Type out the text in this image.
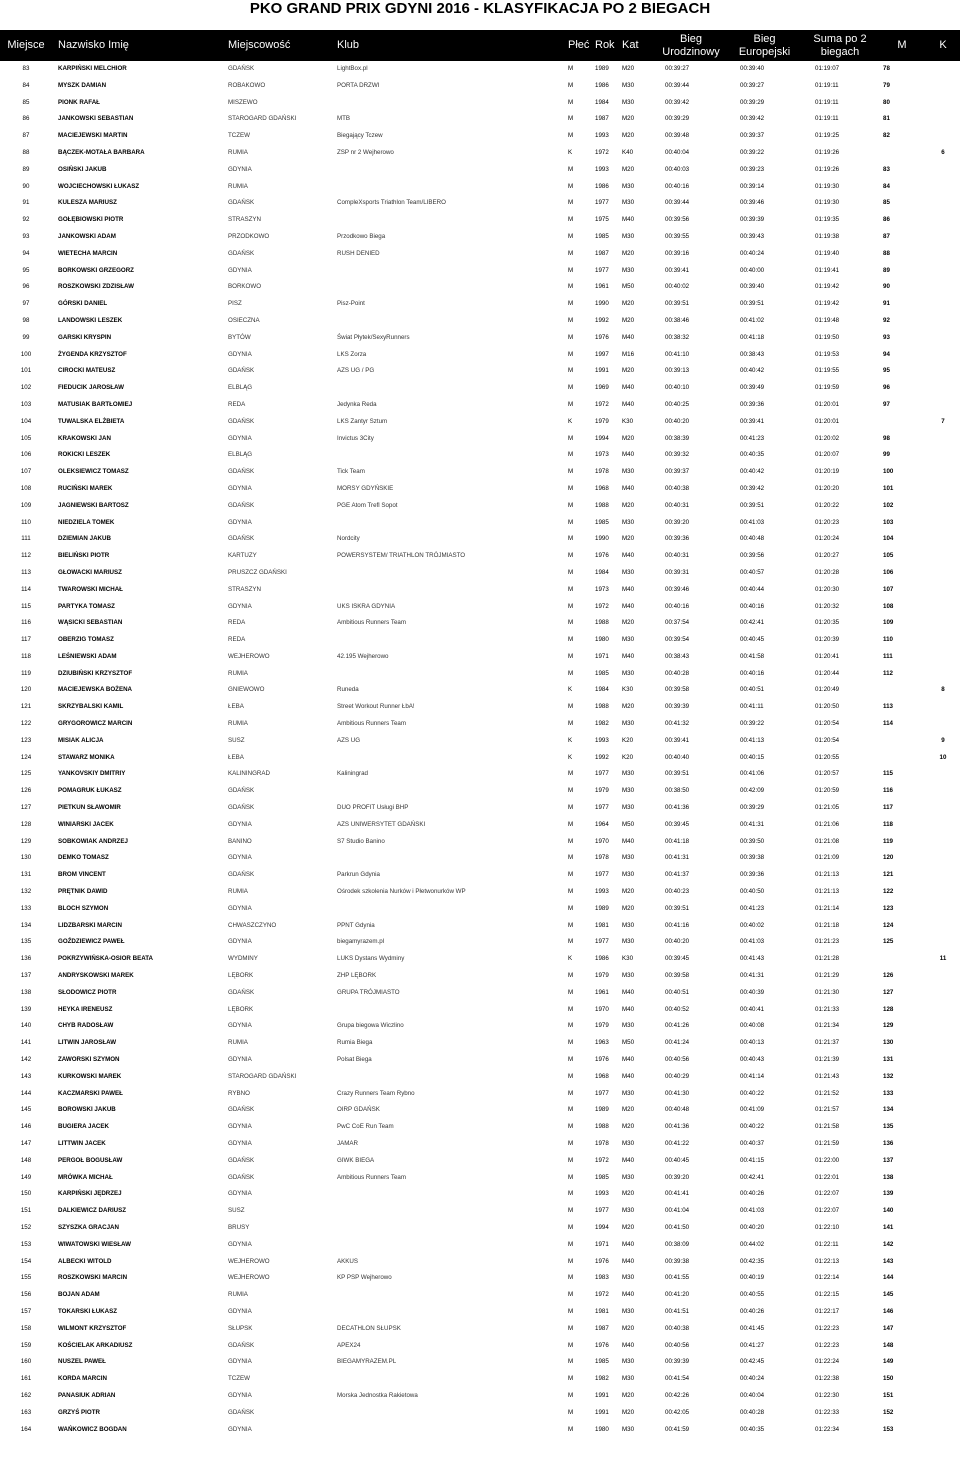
PKO GRAND PRIX GDYNI 2016 - KLASYFIKACJA PO 2 BIEGACH
Miejsce	Nazwisko Imię	Miejscowość	Klub	Płeć	Rok	Kat	Bieg Urodzinowy	Bieg Europejski	Suma po 2 biegach	M	K
83	KARPIŃSKI MELCHIOR	GDAŃSK	LightBox.pl	M	1989	M20	00:39:27	00:39:40	01:19:07	78	
84	MYSZK DAMIAN	ROBAKOWO	PORTA DRZWI	M	1986	M30	00:39:44	00:39:27	01:19:11	79	
85	PIONK RAFAŁ	MISZEWO		M	1984	M30	00:39:42	00:39:29	01:19:11	80	
86	JANKOWSKI SEBASTIAN	STAROGARD GDAŃSKI	MTB	M	1987	M20	00:39:29	00:39:42	01:19:11	81	
87	MACIEJEWSKI MARTIN	TCZEW	Biegający Tczew	M	1993	M20	00:39:48	00:39:37	01:19:25	82	
88	BĄCZEK-MOTAŁA BARBARA	RUMIA	ZSP nr 2 Wejherowo	K	1972	K40	00:40:04	00:39:22	01:19:26		6
89	OSIŃSKI JAKUB	GDYNIA		M	1993	M20	00:40:03	00:39:23	01:19:26	83	
90	WOJCIECHOWSKI ŁUKASZ	RUMIA		M	1986	M30	00:40:16	00:39:14	01:19:30	84	
91	KULESZA MARIUSZ	GDAŃSK	CompleXsports Triathlon Team/LIBERO	M	1977	M30	00:39:44	00:39:46	01:19:30	85	
92	GOŁĘBIOWSKI PIOTR	STRASZYN		M	1975	M40	00:39:56	00:39:39	01:19:35	86	
93	JANKOWSKI ADAM	PRZODKOWO	Przodkowo Biega	M	1985	M30	00:39:55	00:39:43	01:19:38	87	
94	WIETECHA MARCIN	GDAŃSK	RUSH DENIED	M	1987	M20	00:39:16	00:40:24	01:19:40	88	
95	BORKOWSKI GRZEGORZ	GDYNIA		M	1977	M30	00:39:41	00:40:00	01:19:41	89	
96	ROSZKOWSKI ZDZISŁAW	BORKOWO		M	1961	M50	00:40:02	00:39:40	01:19:42	90	
97	GÓRSKI DANIEL	PISZ	Pisz-Point	M	1990	M20	00:39:51	00:39:51	01:19:42	91	
98	LANDOWSKI LESZEK	OSIECZNA		M	1992	M20	00:38:46	00:41:02	01:19:48	92	
99	GARSKI KRYSPIN	BYTÓW	Świat Płytek/SexyRunners	M	1976	M40	00:38:32	00:41:18	01:19:50	93	
100	ŻYGENDA KRZYSZTOF	GDYNIA	LKS Zorza	M	1997	M16	00:41:10	00:38:43	01:19:53	94	
101	CIROCKI MATEUSZ	GDAŃSK	AZS UG / PG	M	1991	M20	00:39:13	00:40:42	01:19:55	95	
102	FIEDUCIK JAROSŁAW	ELBLĄG		M	1969	M40	00:40:10	00:39:49	01:19:59	96	
103	MATUSIAK BARTŁOMIEJ	REDA	Jedynka Reda	M	1972	M40	00:40:25	00:39:36	01:20:01	97	
104	TUWALSKA ELŻBIETA	GDAŃSK	LKS Zantyr Sztum	K	1979	K30	00:40:20	00:39:41	01:20:01		7
105	KRAKOWSKI JAN	GDYNIA	Invictus 3City	M	1994	M20	00:38:39	00:41:23	01:20:02	98	
106	ROKICKI LESZEK	ELBLĄG		M	1973	M40	00:39:32	00:40:35	01:20:07	99	
107	OLEKSIEWICZ TOMASZ	GDAŃSK	Tick Team	M	1978	M30	00:39:37	00:40:42	01:20:19	100	
108	RUCIŃSKI MAREK	GDYNIA	MORSY GDYŃSKIE	M	1968	M40	00:40:38	00:39:42	01:20:20	101	
109	JAGNIEWSKI BARTOSZ	GDAŃSK	PGE Atom Trefl Sopot	M	1988	M20	00:40:31	00:39:51	01:20:22	102	
110	NIEDZIELA TOMEK	GDYNIA		M	1985	M30	00:39:20	00:41:03	01:20:23	103	
111	DZIEMIAN JAKUB	GDAŃSK	Nordcity	M	1990	M20	00:39:36	00:40:48	01:20:24	104	
112	BIELIŃSKI PIOTR	KARTUZY	POWERSYSTEM/ TRIATHLON TRÓJMIASTO	M	1976	M40	00:40:31	00:39:56	01:20:27	105	
113	GŁOWACKI MARIUSZ	PRUSZCZ GDAŃSKI		M	1984	M30	00:39:31	00:40:57	01:20:28	106	
114	TWAROWSKI MICHAŁ	STRASZYN		M	1973	M40	00:39:46	00:40:44	01:20:30	107	
115	PARTYKA TOMASZ	GDYNIA	UKS ISKRA GDYNIA	M	1972	M40	00:40:16	00:40:16	01:20:32	108	
116	WĄSICKI SEBASTIAN	REDA	Ambitious Runners Team	M	1988	M20	00:37:54	00:42:41	01:20:35	109	
117	OBERZIG TOMASZ	REDA		M	1980	M30	00:39:54	00:40:45	01:20:39	110	
118	LEŚNIEWSKI ADAM	WEJHEROWO	42.195 Wejherowo	M	1971	M40	00:38:43	00:41:58	01:20:41	111	
119	DZIUBIŃSKI KRZYSZTOF	RUMIA		M	1985	M30	00:40:28	00:40:16	01:20:44	112	
120	MACIEJEWSKA BOŻENA	GNIEWOWO	Runeda	K	1984	K30	00:39:58	00:40:51	01:20:49		8
121	SKRZYBALSKI KAMIL	ŁEBA	Street Workout Runner ŁbA!	M	1988	M20	00:39:39	00:41:11	01:20:50	113	
122	GRYGOROWICZ MARCIN	RUMIA	Ambitious Runners Team	M	1982	M30	00:41:32	00:39:22	01:20:54	114	
123	MISIAK ALICJA	SUSZ	AZS UG	K	1993	K20	00:39:41	00:41:13	01:20:54		9
124	STAWARZ MONIKA	ŁEBA		K	1992	K20	00:40:40	00:40:15	01:20:55		10
125	YANKOVSKIY DMITRIY	KALININGRAD	Kaliningrad	M	1977	M30	00:39:51	00:41:06	01:20:57	115	
126	POMAGRUK ŁUKASZ	GDAŃSK		M	1979	M30	00:38:50	00:42:09	01:20:59	116	
127	PIETKUN SŁAWOMIR	GDAŃSK	DUO PROFIT Usługi BHP	M	1977	M30	00:41:36	00:39:29	01:21:05	117	
128	WINIARSKI JACEK	GDYNIA	AZS UNIWERSYTET GDAŃSKI	M	1964	M50	00:39:45	00:41:31	01:21:06	118	
129	SOBKOWIAK ANDRZEJ	BANINO	S7 Studio Banino	M	1970	M40	00:41:18	00:39:50	01:21:08	119	
130	DEMKO TOMASZ	GDYNIA		M	1978	M30	00:41:31	00:39:38	01:21:09	120	
131	BROM VINCENT	GDAŃSK	Parkrun Gdynia	M	1977	M30	00:41:37	00:39:36	01:21:13	121	
132	PRĘTNIK DAWID	RUMIA	Ośrodek szkolenia Nurków i Płetwonurków WP	M	1993	M20	00:40:23	00:40:50	01:21:13	122	
133	BLOCH SZYMON	GDYNIA		M	1989	M20	00:39:51	00:41:23	01:21:14	123	
134	LIDZBARSKI MARCIN	CHWASZCZYNO	PPNT Gdynia	M	1981	M30	00:41:16	00:40:02	01:21:18	124	
135	GOŹDZIEWICZ PAWEŁ	GDYNIA	biegamyrazem.pl	M	1977	M30	00:40:20	00:41:03	01:21:23	125	
136	POKRZYWIŃSKA-OSIOR BEATA	WYDMINY	LUKS Dystans Wydminy	K	1986	K30	00:39:45	00:41:43	01:21:28		11
137	ANDRYSKOWSKI MAREK	LĘBORK	ZHP LĘBORK	M	1979	M30	00:39:58	00:41:31	01:21:29	126	
138	SŁODOWICZ PIOTR	GDAŃSK	GRUPA TRÓJMIASTO	M	1961	M40	00:40:51	00:40:39	01:21:30	127	
139	HEYKA IRENEUSZ	LĘBORK		M	1970	M40	00:40:52	00:40:41	01:21:33	128	
140	CHYB RADOSŁAW	GDYNIA	Grupa biegowa Wiczlino	M	1979	M30	00:41:26	00:40:08	01:21:34	129	
141	LITWIN JAROSŁAW	RUMIA	Rumia Biega	M	1963	M50	00:41:24	00:40:13	01:21:37	130	
142	ZAWORSKI SZYMON	GDYNIA	Polsat Biega	M	1976	M40	00:40:56	00:40:43	01:21:39	131	
143	KURKOWSKI MAREK	STAROGARD GDAŃSKI		M	1968	M40	00:40:29	00:41:14	01:21:43	132	
144	KACZMARSKI PAWEŁ	RYBNO	Crazy Runners Team Rybno	M	1977	M30	00:41:30	00:40:22	01:21:52	133	
145	BOROWSKI JAKUB	GDAŃSK	OIRP GDAŃSK	M	1989	M20	00:40:48	00:41:09	01:21:57	134	
146	BUGIERA JACEK	GDYNIA	PwC CoE Run Team	M	1988	M20	00:41:36	00:40:22	01:21:58	135	
147	LITTWIN JACEK	GDYNIA	JAMAR	M	1978	M30	00:41:22	00:40:37	01:21:59	136	
148	PERGOŁ BOGUSŁAW	GDAŃSK	GIWK BIEGA	M	1972	M40	00:40:45	00:41:15	01:22:00	137	
149	MRÓWKA MICHAŁ	GDAŃSK	Ambitious Runners Team	M	1985	M30	00:39:20	00:42:41	01:22:01	138	
150	KARPIŃSKI JĘDRZEJ	GDYNIA		M	1993	M20	00:41:41	00:40:26	01:22:07	139	
151	DALKIEWICZ DARIUSZ	SUSZ		M	1977	M30	00:41:04	00:41:03	01:22:07	140	
152	SZYSZKA GRACJAN	BRUSY		M	1994	M20	00:41:50	00:40:20	01:22:10	141	
153	WIWATOWSKI WIESŁAW	GDYNIA		M	1971	M40	00:38:09	00:44:02	01:22:11	142	
154	ALBECKI WITOLD	WEJHEROWO	AKKUS	M	1976	M40	00:39:38	00:42:35	01:22:13	143	
155	ROSZKOWSKI MARCIN	WEJHEROWO	KP PSP Wejherowo	M	1983	M30	00:41:55	00:40:19	01:22:14	144	
156	BOJAN ADAM	RUMIA		M	1972	M40	00:41:20	00:40:55	01:22:15	145	
157	TOKARSKI ŁUKASZ	GDYNIA		M	1981	M30	00:41:51	00:40:26	01:22:17	146	
158	WILMONT KRZYSZTOF	SŁUPSK	DECATHLON SŁUPSK	M	1987	M20	00:40:38	00:41:45	01:22:23	147	
159	KOŚCIELAK ARKADIUSZ	GDAŃSK	APEX24	M	1976	M40	00:40:56	00:41:27	01:22:23	148	
160	NUSZEL PAWEŁ	GDYNIA	BIEGAMYRAZEM.PL	M	1985	M30	00:39:39	00:42:45	01:22:24	149	
161	KORDA MARCIN	TCZEW		M	1982	M30	00:41:54	00:40:24	01:22:38	150	
162	PANASIUK ADRIAN	GDYNIA	Morska Jednostka Rakietowa	M	1991	M20	00:42:26	00:40:04	01:22:30	151	
163	GRZYŚ PIOTR	GDAŃSK		M	1991	M20	00:42:05	00:40:28	01:22:33	152	
164	WAŃKOWICZ BOGDAN	GDYNIA		M	1980	M30	00:41:59	00:40:35	01:22:34	153	
